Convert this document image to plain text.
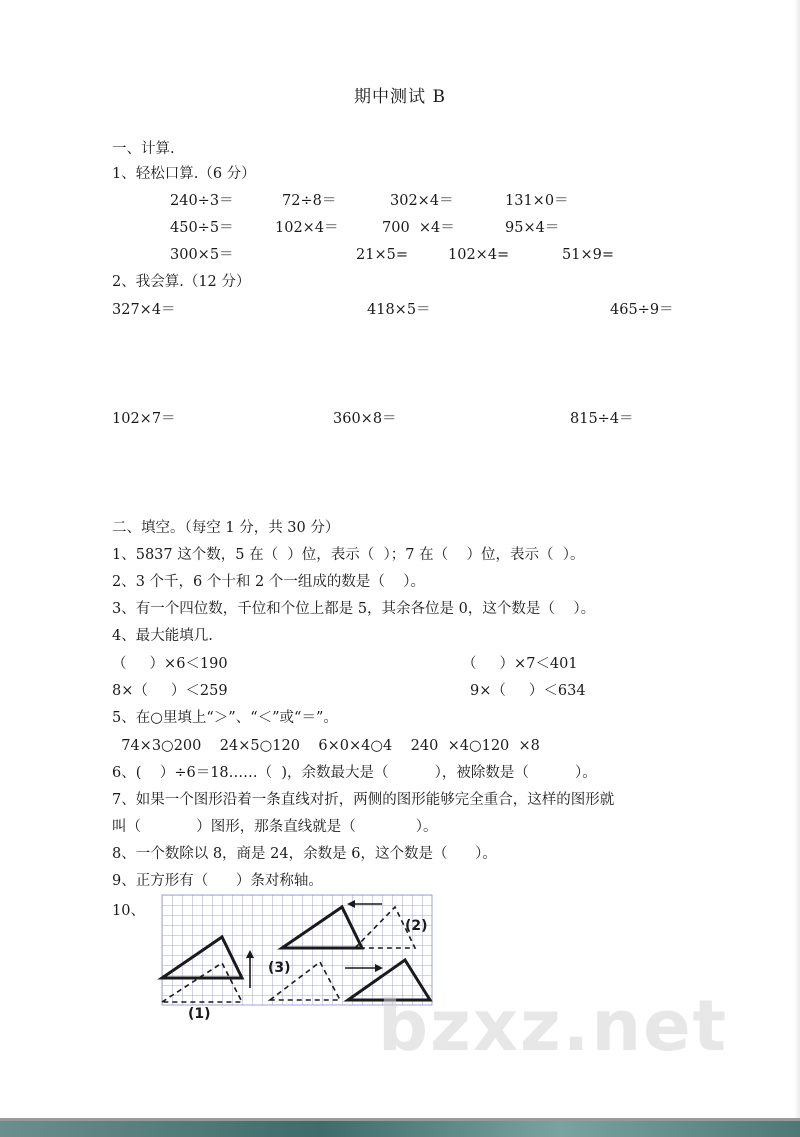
期中测试 B
一、计算.
1、轻松口算.（6 分）
240÷3＝	72÷8＝	302×4＝	131×0＝
450÷5＝	102×4＝	700  ×4＝	95×4＝
300×5＝	21×5=	102×4=	51×9=
2、我会算.（12 分）
327×4＝	418×5＝	465÷9＝
102×7＝	360×8＝	815÷4＝
二、填空。（每空 1 分，共 30 分）
1、5837 这个数，5 在（  ）位，表示（  ）；7 在（    ）位，表示（  ）。
2、3 个千，6 个十和 2 个一组成的数是（    ）。
3、有一个四位数，千位和个位上都是 5，其余各位是 0，这个数是（    ）。
4、最大能填几.
（     ）×6＜190	（     ）×7＜401
8×（     ）＜259	9×（     ）＜634
5、在○里填上“＞”、“＜”或“＝”。
74×3○200    24×5○120    6×0×4○4    240  ×4○120  ×8
6、(    ）÷6＝18……（  )，余数最大是（          ），被除数是（          ）。
7、如果一个图形沿着一条直线对折，两侧的图形能够完全重合，这样的图形就
叫（            ）图形，那条直线就是（             ）。
8、一个数除以 8，商是 24，余数是 6，这个数是（      ）。
9、正方形有（      ）条对称轴。
10、
(1)
(2)
(3)
bzxz.net
